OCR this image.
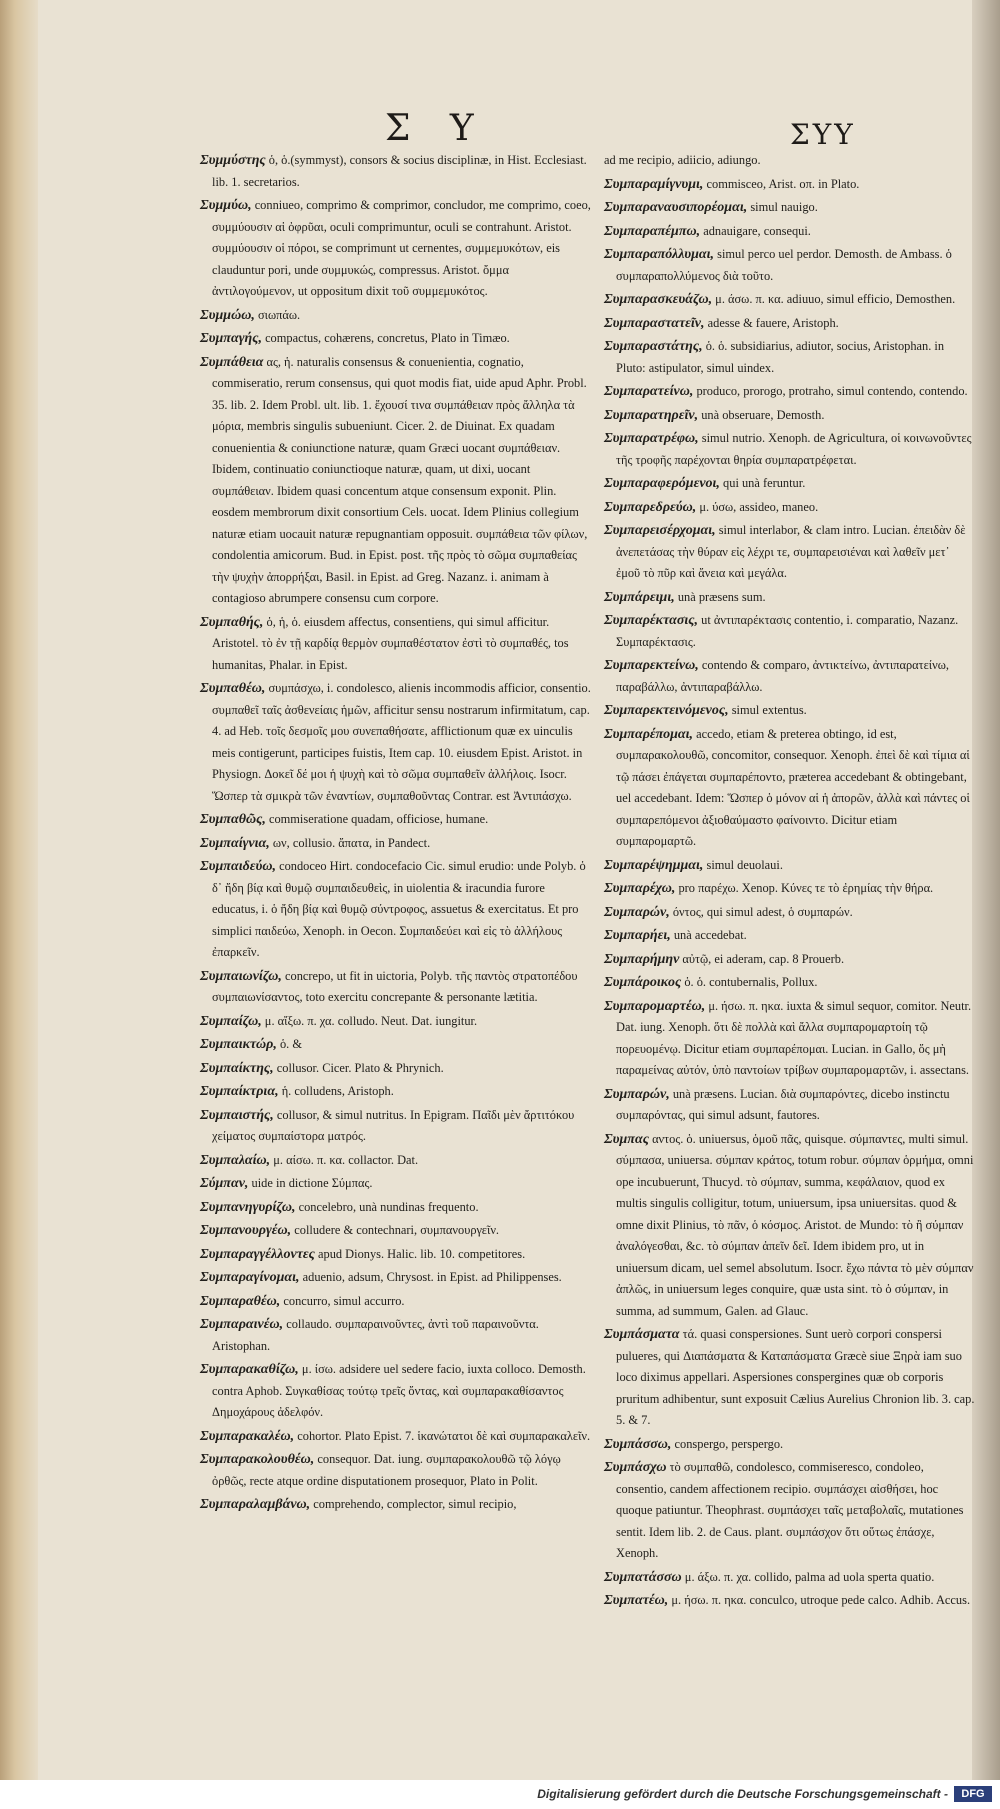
Σ Υ	ΣΥΥ
Συμμύστης ὁ, ὁ.(symmyst), consors & socius disciplinæ, in Hist. Ecclesiast. lib. 1. secretarios.
Συμμύω, conniueo, comprimo & comprimor, concludor, me comprimo, coeo, συμμύουσιν αἱ ὀφρῦαι, oculi comprimuntur, oculi se contrahunt. Aristot. συμμύουσιν οἱ πόροι, se comprimunt ut cernentes, συμμεμυκότων, eis clauduntur pori, unde συμμυκώς, compressus. Aristot. ὄμμα ἀντιλογούμενον, ut oppositum dixit τοῦ συμμεμυκότος.
Συμμώω, σιωπάω.
Συμπαγής, compactus, cohærens, concretus, Plato in Timæo.
Συμπάθεια ας, ἡ. naturalis consensus & conuenientia, cognatio, commiseratio, rerum consensus, qui quot modis fiat, uide apud Aphr. Probl. 35. lib. 2. Idem Probl. ult. lib. 1. ἔχουσί τινα συμπάθειαν πρὸς ἄλληλα τὰ μόρια, membris singulis subueniunt. Cicer. 2. de Diuinat. Ex quadam conuenientia & coniunctione naturæ, quam Græci uocant συμπάθειαν. Ibidem, continuatio coniunctioque naturæ, quam, ut dixi, uocant συμπάθειαν. Ibidem quasi concentum atque consensum exponit. Plin. eosdem membrorum dixit consortium Cels. uocat. Idem Plinius collegium naturæ etiam uocauit naturæ repugnantiam opposuit. συμπάθεια τῶν φίλων, condolentia amicorum. Bud. in Epist. post. τῆς πρὸς τὸ σῶμα συμπαθείας τὴν ψυχὴν ἀπορρήξαι, Basil. in Epist. ad Greg. Nazanz. i. animam à contagioso abrumpere consensu cum corpore.
Συμπαθής, ὁ, ἡ, ὁ. eiusdem affectus, consentiens, qui simul afficitur. Aristotel. τὸ ἐν τῇ καρδίᾳ θερμὸν συμπαθέστατον ἐστὶ τὸ συμπαθές, tos humanitas, Phalar. in Epist.
Συμπαθέω, συμπάσχω, i. condolesco, alienis incommodis afficior, consentio. συμπαθεῖ ταῖς ἀσθενείαις ἡμῶν, afficitur sensu nostrarum infirmitatum, cap. 4. ad Heb. τοῖς δεσμοῖς μου συνεπαθήσατε, afflictionum quæ ex uinculis meis contigerunt, participes fuistis, Item cap. 10. eiusdem Epist. Aristot. in Physiogn. Δοκεῖ δέ μοι ἡ ψυχὴ καὶ τὸ σῶμα συμπαθεῖν ἀλλήλοις. Isocr. Ὥσπερ τὰ σμικρὰ τῶν ἐναντίων, συμπαθοῦντας Contrar. est Ἀντιπάσχω.
Συμπαθῶς, commiseratione quadam, officiose, humane.
Συμπαίγνια, ων, collusio. ἄπατα, in Pandect.
Συμπαιδεύω, condoceo Hirt. condocefacio Cic. simul erudio: unde Polyb. ὁ δ᾽ ἤδη βίᾳ καὶ θυμῷ συμπαιδευθεὶς, in uiolentia & iracundia furore educatus, i. ὁ ἤδη βίᾳ καὶ θυμῷ σύντροφος, assuetus & exercitatus. Et pro simplici παιδεύω, Xenoph. in Oecon. Συμπαιδεύει καὶ εἰς τὸ ἀλλήλους ἐπαρκεῖν.
Συμπαιωνίζω, concrepo, ut fit in uictoria, Polyb. τῆς παντὸς στρατοπέδου συμπαιωνίσαντος, toto exercitu concrepante & personante lætitia.
Συμπαίζω, μ. αἴξω. π. χα. colludo. Neut. Dat. iungitur.
Συμπαικτώρ, ὁ. &
Συμπαίκτης, collusor. Cicer. Plato & Phrynich.
Συμπαίκτρια, ἡ. colludens, Aristoph.
Συμπαιστής, collusor, & simul nutritus. In Epigram. Παῖδι μὲν ἄρτιτόκου χείματος συμπαίστορα ματρός.
Συμπαλαίω, μ. αίσω. π. κα. collactor. Dat.
Σύμπαν, uide in dictione Σύμπας.
Συμπανηγυρίζω, concelebro, unà nundinas frequento.
Συμπανουργέω, colludere & contechnari, συμπανουργεῖν.
Συμπαραγγέλλοντες apud Dionys. Halic. lib. 10. competitores.
Συμπαραγίνομαι, aduenio, adsum, Chrysost. in Epist. ad Philippenses.
Συμπαραθέω, concurro, simul accurro.
Συμπαραινέω, collaudo. συμπαραινοῦντες, ἀντὶ τοῦ παραινοῦντα. Aristophan.
Συμπαρακαθίζω, μ. ίσω. adsidere uel sedere facio, iuxta colloco. Demosth. contra Aphob. Συγκαθίσας τούτῳ τρεῖς ὄντας, καὶ συμπαρακαθίσαντος Δημοχάρους ἀδελφόν.
Συμπαρακαλέω, cohortor. Plato Epist. 7. ἱκανώτατοι δὲ καὶ συμπαρακαλεῖν.
Συμπαρακολουθέω, consequor. Dat. iung. συμπαρακολουθῶ τῷ λόγῳ ὀρθῶς, recte atque ordine disputationem prosequor, Plato in Polit.
Συμπαραλαμβάνω, comprehendo, complector, simul recipio,
ad me recipio, adiicio, adiungo.
Συμπαραμίγνυμι, commisceo, Arist. οπ. in Plato.
Συμπαραναυσιπορέομαι, simul nauigo.
Συμπαραπέμπω, adnauigare, consequi.
Συμπαραπόλλυμαι, simul perco uel perdor. Demosth. de Ambass. ὁ συμπαραπολλύμενος διὰ τοῦτο.
Συμπαρασκευάζω, μ. άσω. π. κα. adiuuo, simul efficio, Demosthen.
Συμπαραστατεῖν, adesse & fauere, Aristoph.
Συμπαραστάτης, ὁ. ὁ. subsidiarius, adiutor, socius, Aristophan. in Pluto: astipulator, simul uindex.
Συμπαρατείνω, produco, prorogo, protraho, simul contendo, contendo.
Συμπαρατηρεῖν, unà obseruare, Demosth.
Συμπαρατρέφω, simul nutrio. Xenoph. de Agricultura, οἱ κοινωνοῦντες τῆς τροφῆς παρέχονται θηρία συμπαρατρέφεται.
Συμπαραφερόμενοι, qui unà feruntur.
Συμπαρεδρεύω, μ. ύσω, assideo, maneo.
Συμπαρεισέρχομαι, simul interlabor, & clam intro. Lucian. ἐπειδὰν δὲ ἀνεπετάσας τὴν θύραν εἰς λέχρι τε, συμπαρεισιέναι καὶ λαθεῖν μετ᾽ ἐμοῦ τὸ πῦρ καὶ ἄνεια καὶ μεγάλα.
Συμπάρειμι, unà præsens sum.
Συμπαρέκτασις, ut ἀντιπαρέκτασις contentio, i. comparatio, Nazanz. Συμπαρέκτασις.
Συμπαρεκτείνω, contendo & comparo, ἀντικτείνω, ἀντιπαρατείνω, παραβάλλω, ἀντιπαραβάλλω.
Συμπαρεκτεινόμενος, simul extentus.
Συμπαρέπομαι, accedo, etiam & preterea obtingo, id est, συμπαρακολουθῶ, concomitor, consequor. Xenoph. ἐπεὶ δὲ καὶ τίμια αἱ τῷ πάσει ἐπάγεται συμπαρέποντο, præterea accedebant & obtingebant, uel accedebant. Idem: Ὥσπερ ὁ μόνον αἱ ἡ ἀπορῶν, ἀλλὰ καὶ πάντες οἱ συμπαρεπόμενοι ἀξιοθαύμαστο φαίνοιντο. Dicitur etiam συμπαρομαρτῶ.
Συμπαρέψημμαι, simul deuolaui.
Συμπαρέχω, pro παρέχω. Xenop. Κύνες τε τὸ ἐρημίας τὴν θήρα.
Συμπαρών, όντος, qui simul adest, ὁ συμπαρών.
Συμπαρήει, unà accedebat.
Συμπαρήμην αὐτῷ, ei aderam, cap. 8 Prouerb.
Συμπάροικος ὁ. ὁ. contubernalis, Pollux.
Συμπαρομαρτέω, μ. ήσω. π. ηκα. iuxta & simul sequor, comitor. Neutr. Dat. iung. Xenoph. ὅτι δὲ πολλὰ καὶ ἄλλα συμπαρομαρτοίη τῷ πορευομένῳ. Dicitur etiam συμπαρέπομαι. Lucian. in Gallo, ὅς μὴ παραμείνας αὐτόν, ὑπὸ παντοίων τρίβων συμπαρομαρτῶν, i. assectans.
Συμπαρών, unà præsens. Lucian. διὰ συμπαρόντες, dicebo instinctu συμπαρόντας, qui simul adsunt, fautores.
Συμπας αντος. ὁ. uniuersus, ὁμοῦ πᾶς, quisque. σύμπαντες, multi simul. σύμπασα, uniuersa. σύμπαν κράτος, totum robur. σύμπαν ὁρμήμα, omni ope incubuerunt, Thucyd. τὸ σύμπαν, summa, κεφάλαιον, quod ex multis singulis colligitur, totum, uniuersum, ipsa uniuersitas. quod & omne dixit Plinius, τὸ πᾶν, ὁ κόσμος. Aristot. de Mundo: τὸ ἢ σύμπαν ἀναλόγεσθαι, &c. τὸ σύμπαν ἀπεῖν δεῖ. Idem ibidem pro, ut in uniuersum dicam, uel semel absolutum. Isocr. ἔχω πάντα τὸ μὲν σύμπαν ἀπλῶς, in uniuersum leges conquire, quæ usta sint. τὸ ὁ σύμπαν, in summa, ad summum, Galen. ad Glauc.
Συμπάσματα τά. quasi conspersiones. Sunt uerò corpori conspersi pulueres, qui Διαπάσματα & Καταπάσματα Græcè siue Ξηρὰ iam suo loco diximus appellari. Aspersiones conspergines quæ ob corporis pruritum adhibentur, sunt exposuit Cælius Aurelius Chronion lib. 3. cap. 5. & 7.
Συμπάσσω, conspergo, perspergo.
Συμπάσχω τὸ συμπαθῶ, condolesco, commiseresco, condoleo, consentio, candem affectionem recipio. συμπάσχει αἰσθήσει, hoc quoque patiuntur. Theophrast. συμπάσχει ταῖς μεταβολαῖς, mutationes sentit. Idem lib. 2. de Caus. plant. συμπάσχον ὅτι οὕτως ἐπάσχε, Xenoph.
Συμπατάσσω μ. άξω. π. χα. collido, palma ad uola sperta quatio.
Συμπατέω, μ. ήσω. π. ηκα. conculco, utroque pede calco. Adhib. Accus.
Digitalisierung gefördert durch die Deutsche Forschungsgemeinschaft -	DFG
